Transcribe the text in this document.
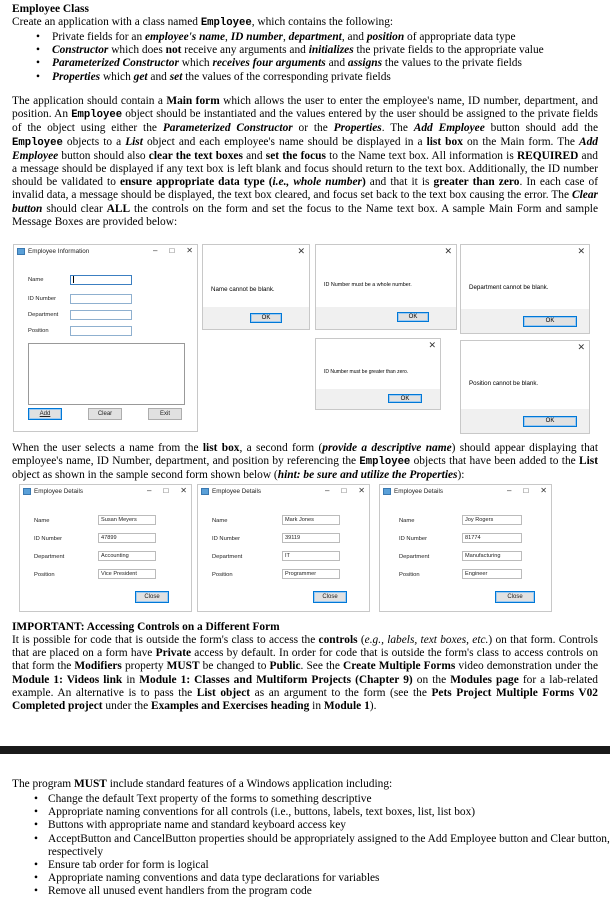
Employee Class
Create an application with a class named Employee, which contains the following:
• Private fields for an employee's name, ID number, department, and position of appropriate data type
• Constructor which does not receive any arguments and initializes the private fields to the appropriate value
• Parameterized Constructor which receives four arguments and assigns the values to the private fields
• Properties which get and set the values of the corresponding private fields
The application should contain a Main form which allows the user to enter the employee's name, ID number, department, and position. An Employee object should be instantiated and the values entered by the user should be assigned to the private fields of the object using either the Parameterized Constructor or the Properties. The Add Employee button should add the Employee objects to a List object and each employee's name should be displayed in a list box on the Main form. The Add Employee button should also clear the text boxes and set the focus to the Name text box. All information is REQUIRED and a message should be displayed if any text box is left blank and focus should return to the text box. Additionally, the ID number should be validated to ensure appropriate data type (i.e., whole number) and that it is greater than zero. In each case of invalid data, a message should be displayed, the text box cleared, and focus set back to the text box causing the error. The Clear button should clear ALL the controls on the form and set the focus to the Name text box. A sample Main Form and sample Message Boxes are provided below:
Employee Information	– □ ✕
Name
ID Number
Department
Position
Add	Clear	Exit
✕
Name cannot be blank.
OK
✕
ID Number must be a whole number.
OK
✕
Department cannot be blank.
OK
✕
ID Number must be greater than zero.
OK
✕
Position cannot be blank.
OK
When the user selects a name from the list box, a second form (provide a descriptive name) should appear displaying that employee's name, ID Number, department, and position by referencing the Employee objects that have been added to the List object as shown in the sample second form shown below (hint: be sure and utilize the Properties):
Employee Details	– □ ✕
Name	Susan Meyers
ID Number	47899
Department	Accounting
Position	Vice President
Close
Employee Details	– □ ✕
Name	Mark Jones
ID Number	39119
Department	IT
Position	Programmer
Close
Employee Details	– □ ✕
Name	Joy Rogers
ID Number	81774
Department	Manufacturing
Position	Engineer
Close
IMPORTANT: Accessing Controls on a Different Form
It is possible for code that is outside the form's class to access the controls (e.g., labels, text boxes, etc.) on that form. Controls that are placed on a form have Private access by default. In order for code that is outside the form's class to access controls on that form the Modifiers property MUST be changed to Public. See the Create Multiple Forms video demonstration under the Module 1: Videos link in Module 1: Classes and Multiform Projects (Chapter 9) on the Modules page for a lab-related example. An alternative is to pass the List object as an argument to the form (see the Pets Project Multiple Forms V02 Completed project under the Examples and Exercises heading in Module 1).
The program MUST include standard features of a Windows application including:
• Change the default Text property of the forms to something descriptive
• Appropriate naming conventions for all controls (i.e., buttons, labels, text boxes, list, list box)
• Buttons with appropriate name and standard keyboard access key
• AcceptButton and CancelButton properties should be appropriately assigned to the Add Employee button and Clear button, respectively
• Ensure tab order for form is logical
• Appropriate naming conventions and data type declarations for variables
• Remove all unused event handlers from the program code
